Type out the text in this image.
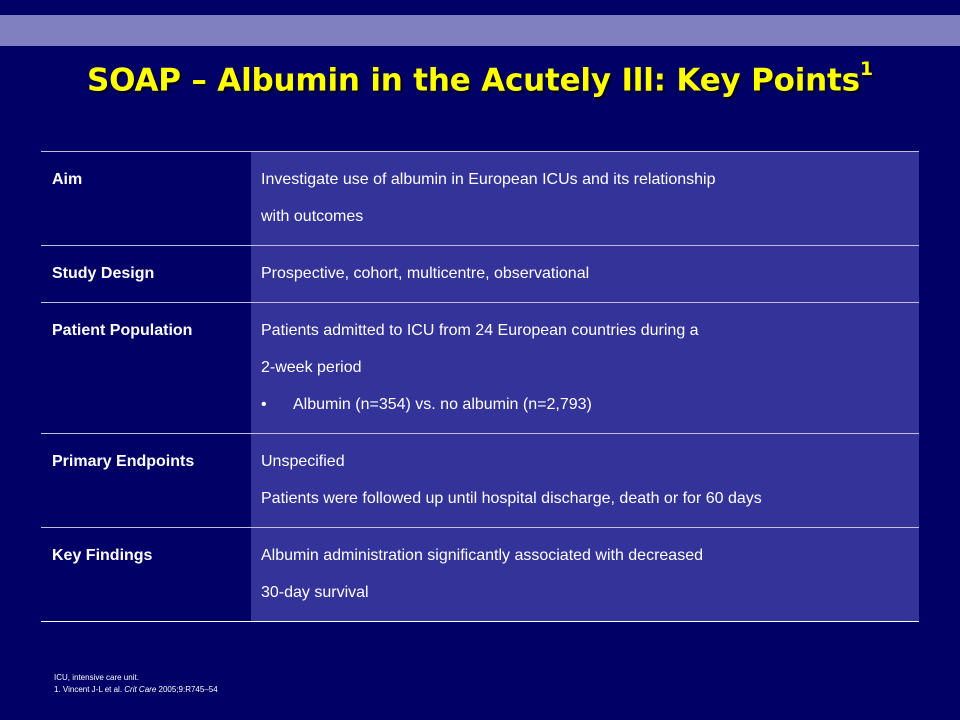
SOAP – Albumin in the Acutely Ill: Key Points$^1$
Aim	Investigate use of albumin in European ICUs and its relationship
with outcomes

Study Design	Prospective, cohort, multicentre, observational

Patient Population	Patients admitted to ICU from 24 European countries during a
2-week period
• Albumin (n=354) vs. no albumin (n=2,793)

Primary Endpoints	Unspecified
Patients were followed up until hospital discharge, death or for 60 days

Key Findings	Albumin administration significantly associated with decreased
30-day survival
ICU, intensive care unit.
1. Vincent J-L et al. Crit Care 2005;9:R745–54
